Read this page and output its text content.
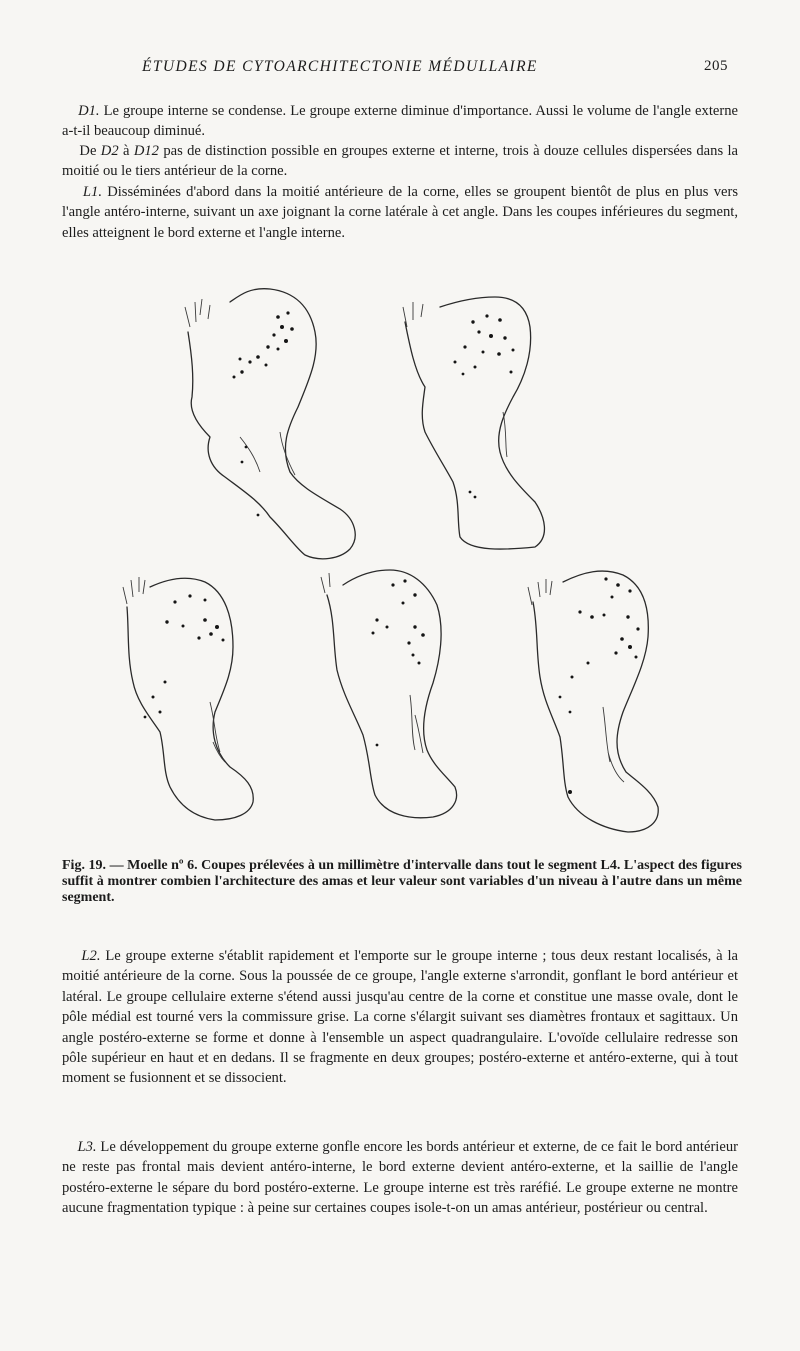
ÉTUDES DE CYTOARCHITECTONIE MÉDULLAIRE	205

D1. Le groupe interne se condense. Le groupe externe diminue d'importance. Aussi le volume de l'angle externe a-t-il beaucoup diminué.

De D2 à D12 pas de distinction possible en groupes externe et interne, trois à douze cellules dispersées dans la moitié ou le tiers antérieur de la corne.

L1. Disséminées d'abord dans la moitié antérieure de la corne, elles se groupent bientôt de plus en plus vers l'angle antéro-interne, suivant un axe joignant la corne latérale à cet angle. Dans les coupes inférieures du segment, elles atteignent le bord externe et l'angle interne.

Fig. 19. — Moelle nº 6. Coupes prélevées à un millimètre d'intervalle dans tout le segment L4. L'aspect des figures suffit à montrer combien l'architecture des amas et leur valeur sont variables d'un niveau à l'autre dans un même segment.

L2. Le groupe externe s'établit rapidement et l'emporte sur le groupe interne ; tous deux restant localisés, à la moitié antérieure de la corne. Sous la poussée de ce groupe, l'angle externe s'arrondit, gonflant le bord antérieur et latéral. Le groupe cellulaire externe s'étend aussi jusqu'au centre de la corne et constitue une masse ovale, dont le pôle médial est tourné vers la commissure grise. La corne s'élargit suivant ses diamètres frontaux et sagittaux. Un angle postéro-externe se forme et donne à l'ensemble un aspect quadrangulaire. L'ovoïde cellulaire redresse son pôle supérieur en haut et en dedans. Il se fragmente en deux groupes; postéro-externe et antéro-externe, qui à tout moment se fusionnent et se dissocient.

L3. Le développement du groupe externe gonfle encore les bords antérieur et externe, de ce fait le bord antérieur ne reste pas frontal mais devient antéro-interne, le bord externe devient antéro-externe, et la saillie de l'angle postéro-externe le sépare du bord postéro-externe. Le groupe interne est très raréfié. Le groupe externe ne montre aucune fragmentation typique : à peine sur certaines coupes isole-t-on un amas antérieur, postérieur ou central.
